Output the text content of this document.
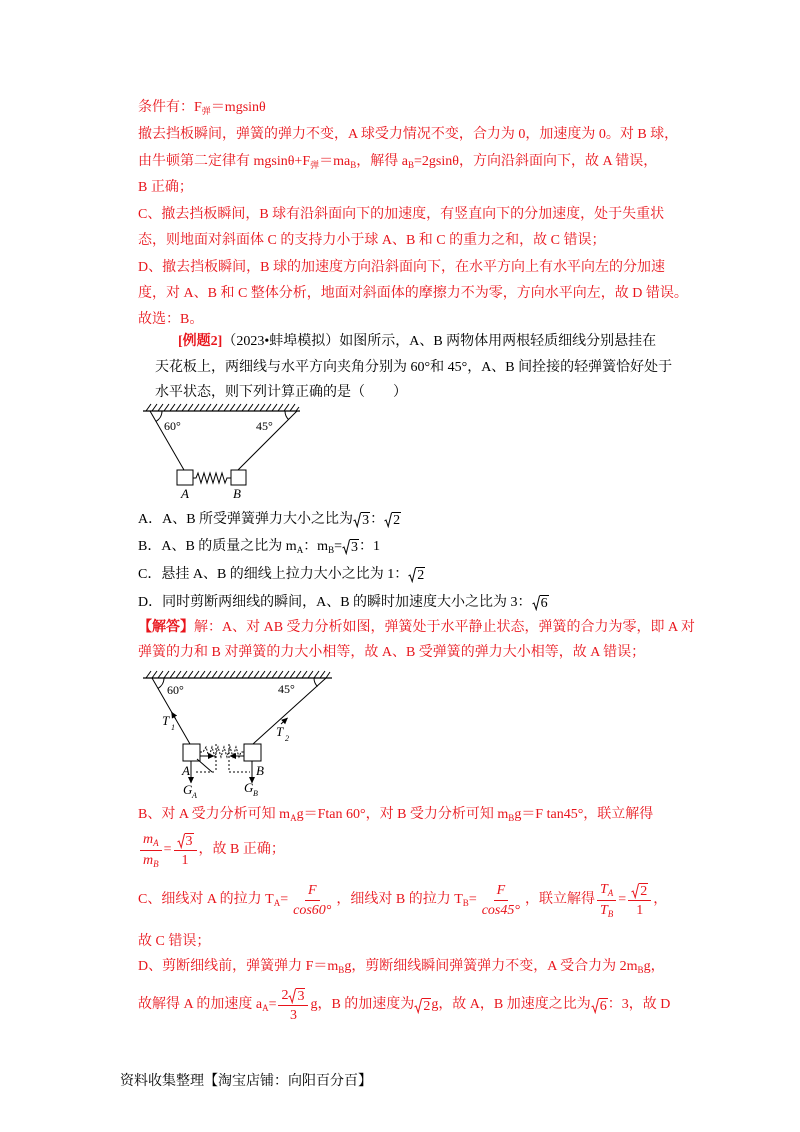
条件有：$F_弹=mgsin\theta$
撤去挡板瞬间，弹簧的弹力不变，A 球受力情况不变，合力为 0，加速度为 0。对 B 球，
由牛顿第二定律有 $mgsin\theta+F_弹=ma_B$，解得 $a_B=2gsin\theta$，方向沿斜面向下，故 A 错误，
B 正确；
C、撤去挡板瞬间，B 球有沿斜面向下的加速度，有竖直向下的分加速度，处于失重状
态，则地面对斜面体 C 的支持力小于球 A、B 和 C 的重力之和，故 C 错误；
D、撤去挡板瞬间，B 球的加速度方向沿斜面向下，在水平方向上有水平向左的分加速
度，对 A、B 和 C 整体分析，地面对斜面体的摩擦力不为零，方向水平向左，故 D 错误。
故选：B。
[例题2]（2023•蚌埠模拟）如图所示，A、B 两物体用两根轻质细线分别悬挂在
天花板上，两细线与水平方向夹角分别为 60°和 45°，A、B 间拴接的轻弹簧恰好处于
水平状态，则下列计算正确的是（　　）
60°	45°
A	B
A．A、B 所受弹簧弹力大小之比为 3 ： 2
B．A、B 的质量之比为 $m_A$：$m_B= 3$ ：1
C．悬挂 A、B 的细线上拉力大小之比为 1： 2
D．同时剪断两细线的瞬间，A、B 的瞬时加速度大小之比为 3： 6
【解答】解：A、对 AB 受力分析如图，弹簧处于水平静止状态，弹簧的合力为零，即 A 对
弹簧的力和 B 对弹簧的力大小相等，故 A、B 受弹簧的弹力大小相等，故 A 错误；
60°	45°
T 1	T 2
A	B
G A
G B
B、对 A 受力分析可知 $m_Ag=Ftan$ 60°，对 B 受力分析可知 $m_Bg=F$ tan45°，联立解得
$\frac{m_A}{m_B} = \frac{3}{1}$ ，故 B 正确；
C、细线对 A 的拉力 $T_A= \frac{F}{\cos 60^\circ}$ ，细线对 B 的拉力 $T_B= \frac{F}{\cos 45^\circ}$ ，联立解得 $\frac{T_A}{T_B} = \frac{2}{1}$ ，
故 C 错误；
D、剪断细线前，弹簧弹力 $F=m_Bg$，剪断细线瞬间弹簧弹力不变，A 受合力为 $2m_Bg$，
故解得 A 的加速度 $a_A= \frac{2 3}{3}$ g，B 的加速度为 2 g，故 A，B 加速度之比为 6 ：3，故 D
资料收集整理【淘宝店铺：向阳百分百】
